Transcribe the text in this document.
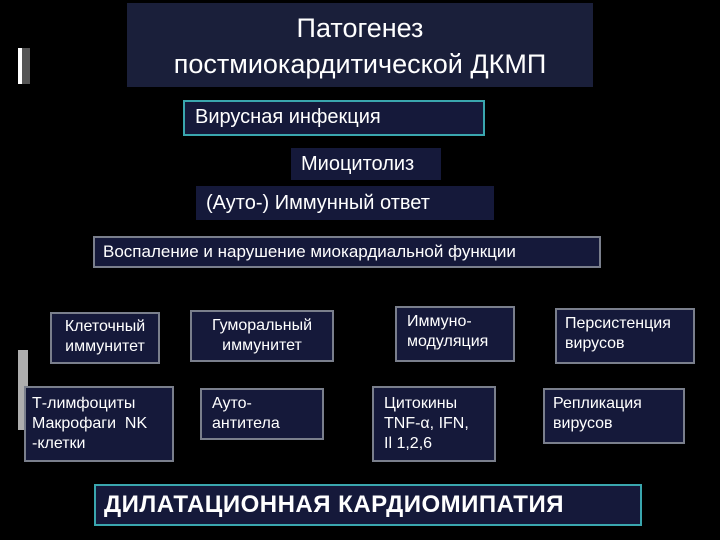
Патогенез
постмиокардитической ДКМП
Вирусная инфекция
Миоцитолиз
(Ауто-) Иммунный ответ
Воспаление и нарушение миокардиальной функции
Клеточный
иммунитет
Гуморальный
иммунитет
Иммуно-
модуляция
Персистенция
вирусов
Т-лимфоциты
Макрофаги  NK
-клетки
Ауто-
антитела
Цитокины
TNF-α, IFN,
Il 1,2,6
Репликация
вирусов
ДИЛАТАЦИОННАЯ КАРДИОМИПАТИЯ
